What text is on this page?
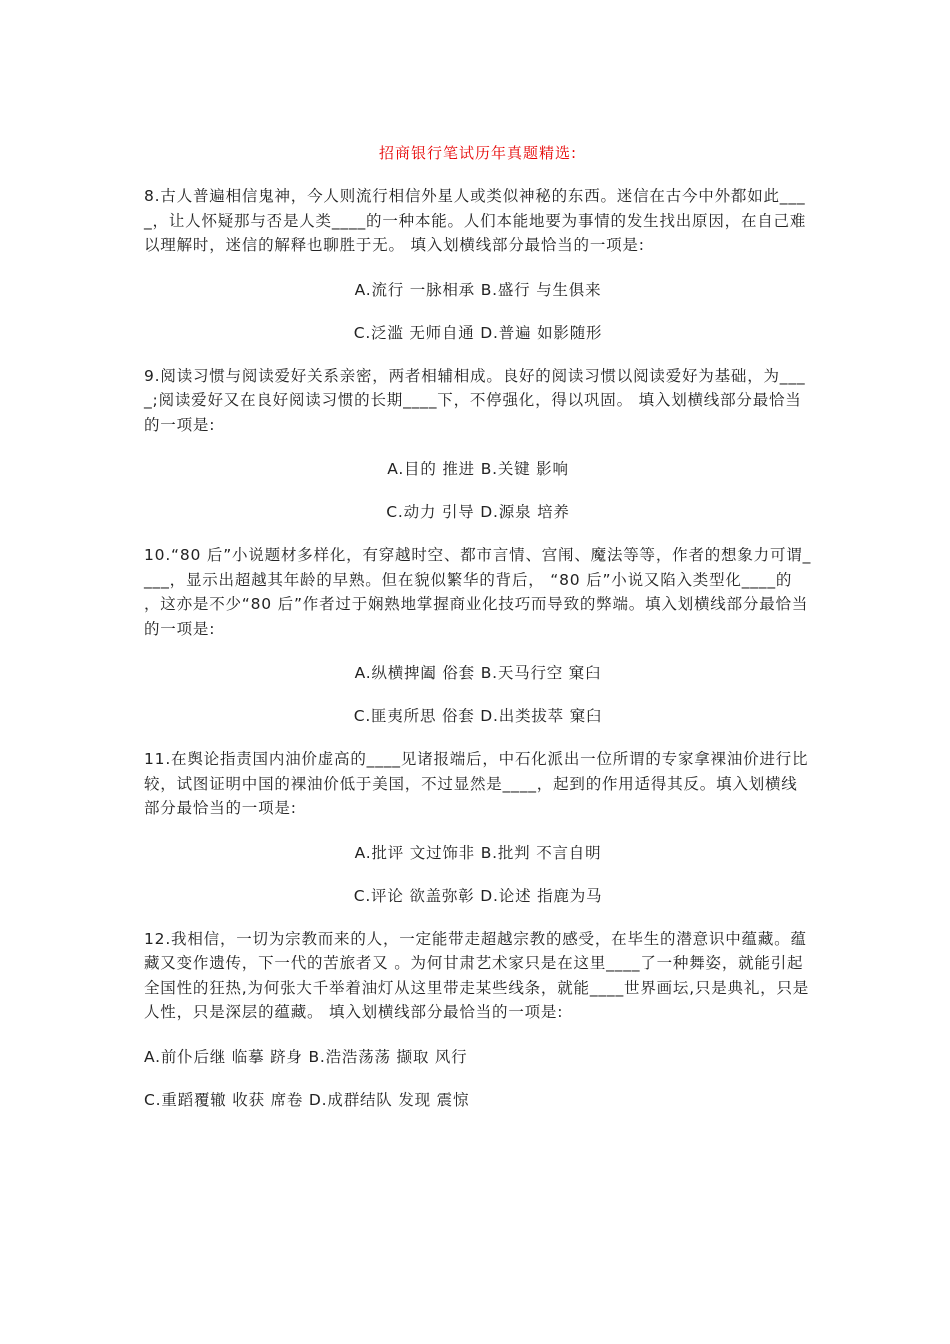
招商银行笔试历年真题精选:
8.古人普遍相信鬼神，今人则流行相信外星人或类似神秘的东西。迷信在古今中外都如此____，让人怀疑那与否是人类____的一种本能。人们本能地要为事情的发生找出原因，在自己难以理解时，迷信的解释也聊胜于无。 填入划横线部分最恰当的一项是:
A.流行 一脉相承 B.盛行 与生俱来
C.泛滥 无师自通 D.普遍 如影随形
9.阅读习惯与阅读爱好关系亲密，两者相辅相成。良好的阅读习惯以阅读爱好为基础，为____;阅读爱好又在良好阅读习惯的长期____下，不停强化，得以巩固。 填入划横线部分最恰当的一项是:
A.目的 推进 B.关键 影响
C.动力 引导 D.源泉 培养
10.“80 后”小说题材多样化，有穿越时空、都市言情、宫闱、魔法等等，作者的想象力可谓____，显示出超越其年龄的早熟。但在貌似繁华的背后， “80 后”小说又陷入类型化____的 ，这亦是不少“80 后”作者过于娴熟地掌握商业化技巧而导致的弊端。填入划横线部分最恰当的一项是:
A.纵横捭阖 俗套 B.天马行空 窠臼
C.匪夷所思 俗套 D.出类拔萃 窠臼
11.在舆论指责国内油价虚高的____见诸报端后，中石化派出一位所谓的专家拿裸油价进行比较，试图证明中国的裸油价低于美国，不过显然是____，起到的作用适得其反。填入划横线部分最恰当的一项是:
A.批评 文过饰非 B.批判 不言自明
C.评论 欲盖弥彰 D.论述 指鹿为马
12.我相信，一切为宗教而来的人，一定能带走超越宗教的感受，在毕生的潜意识中蕴藏。蕴藏又变作遗传，下一代的苦旅者又 。为何甘肃艺术家只是在这里____了一种舞姿，就能引起全国性的狂热,为何张大千举着油灯从这里带走某些线条，就能____世界画坛,只是典礼，只是人性，只是深层的蕴藏。 填入划横线部分最恰当的一项是:
A.前仆后继 临摹 跻身 B.浩浩荡荡 撷取 风行
C.重蹈覆辙 收获 席卷 D.成群结队 发现 震惊
